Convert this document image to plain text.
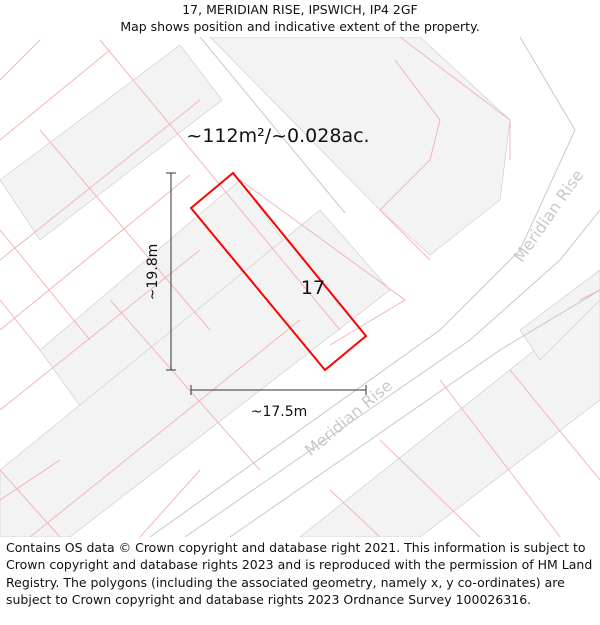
17, MERIDIAN RISE, IPSWICH, IP4 2GF
Map shows position and indicative extent of the property.
~112m²/~0.028ac.
17
~19.8m
~17.5m
Meridian Rise
Meridian Rise
Contains OS data © Crown copyright and database right 2021. This information is subject to Crown copyright and database rights 2023 and is reproduced with the permission of HM Land Registry. The polygons (including the associated geometry, namely x, y co-ordinates) are subject to Crown copyright and database rights 2023 Ordnance Survey 100026316.
